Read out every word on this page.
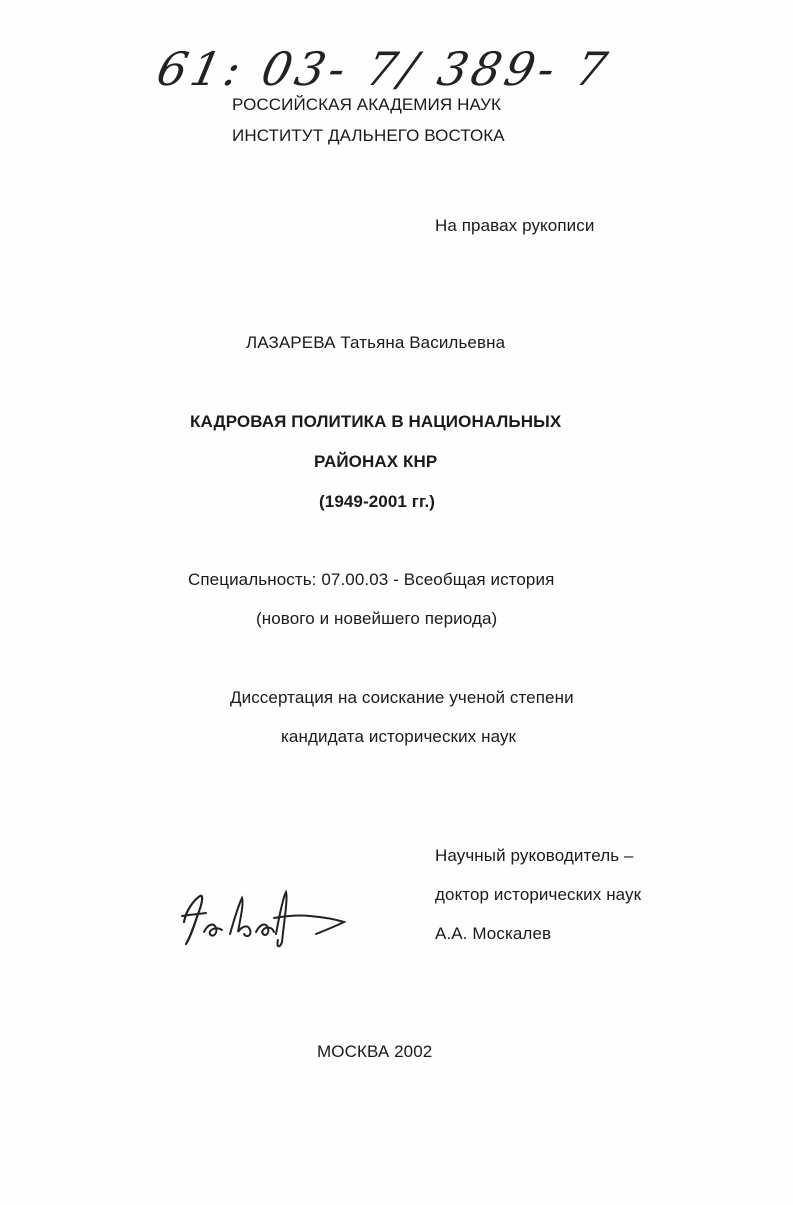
61: 03- 7/ 389- 7
РОССИЙСКАЯ АКАДЕМИЯ НАУК
ИНСТИТУТ ДАЛЬНЕГО ВОСТОКА
На правах рукописи
ЛАЗАРЕВА Татьяна Васильевна
КАДРОВАЯ ПОЛИТИКА В НАЦИОНАЛЬНЫХ
РАЙОНАХ КНР
(1949-2001 гг.)
Специальность: 07.00.03 - Всеобщая история
(нового и новейшего периода)
Диссертация на соискание ученой степени
кандидата исторических наук
Научный руководитель –
доктор исторических наук
А.А. Москалев
МОСКВА 2002
